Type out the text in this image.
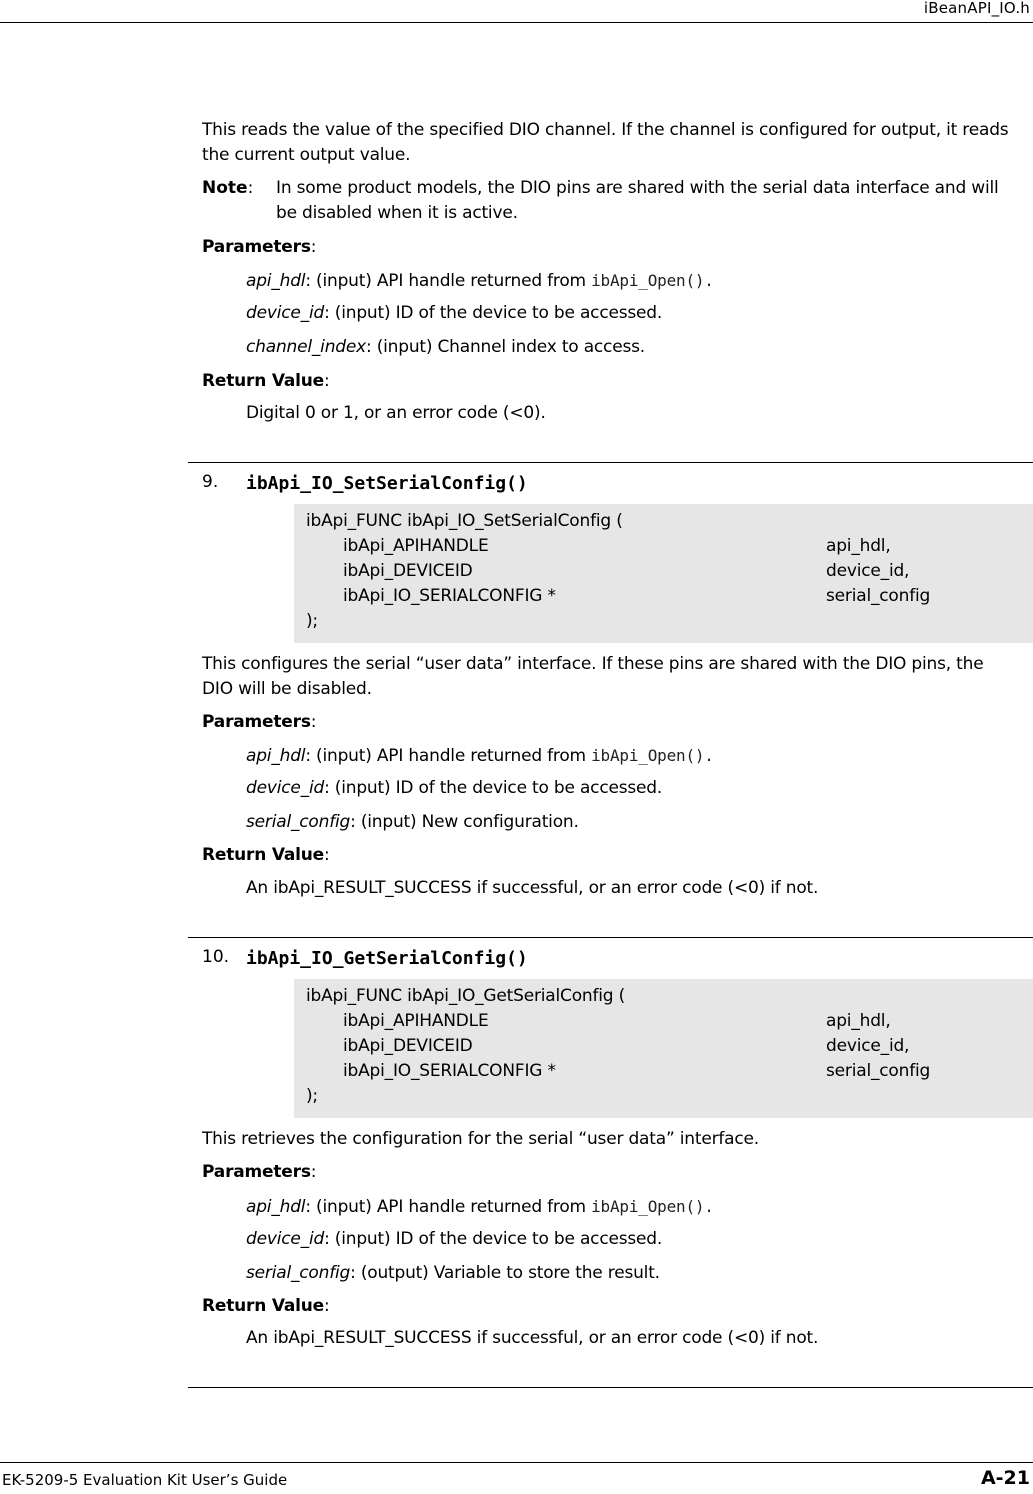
iBeanAPI_IO.h
This reads the value of the specified DIO channel. If the channel is configured for output, it reads the current output value.
Note: In some product models, the DIO pins are shared with the serial data interface and will be disabled when it is active.
Parameters:
api_hdl: (input) API handle returned from ibApi_Open().
device_id: (input) ID of the device to be accessed.
channel_index: (input) Channel index to access.
Return Value:
Digital 0 or 1, or an error code (<0).
9. ibApi_IO_SetSerialConfig()
ibApi_FUNC ibApi_IO_SetSerialConfig (
ibApi_APIHANDLE	api_hdl,
ibApi_DEVICEID	device_id,
ibApi_IO_SERIALCONFIG *	serial_config
);
This configures the serial “user data” interface. If these pins are shared with the DIO pins, the DIO will be disabled.
Parameters:
api_hdl: (input) API handle returned from ibApi_Open().
device_id: (input) ID of the device to be accessed.
serial_config: (input) New configuration.
Return Value:
An ibApi_RESULT_SUCCESS if successful, or an error code (<0) if not.
10. ibApi_IO_GetSerialConfig()
ibApi_FUNC ibApi_IO_GetSerialConfig (
ibApi_APIHANDLE	api_hdl,
ibApi_DEVICEID	device_id,
ibApi_IO_SERIALCONFIG *	serial_config
);
This retrieves the configuration for the serial “user data” interface.
Parameters:
api_hdl: (input) API handle returned from ibApi_Open().
device_id: (input) ID of the device to be accessed.
serial_config: (output) Variable to store the result.
Return Value:
An ibApi_RESULT_SUCCESS if successful, or an error code (<0) if not.
EK-5209-5 Evaluation Kit User’s Guide	A-21
